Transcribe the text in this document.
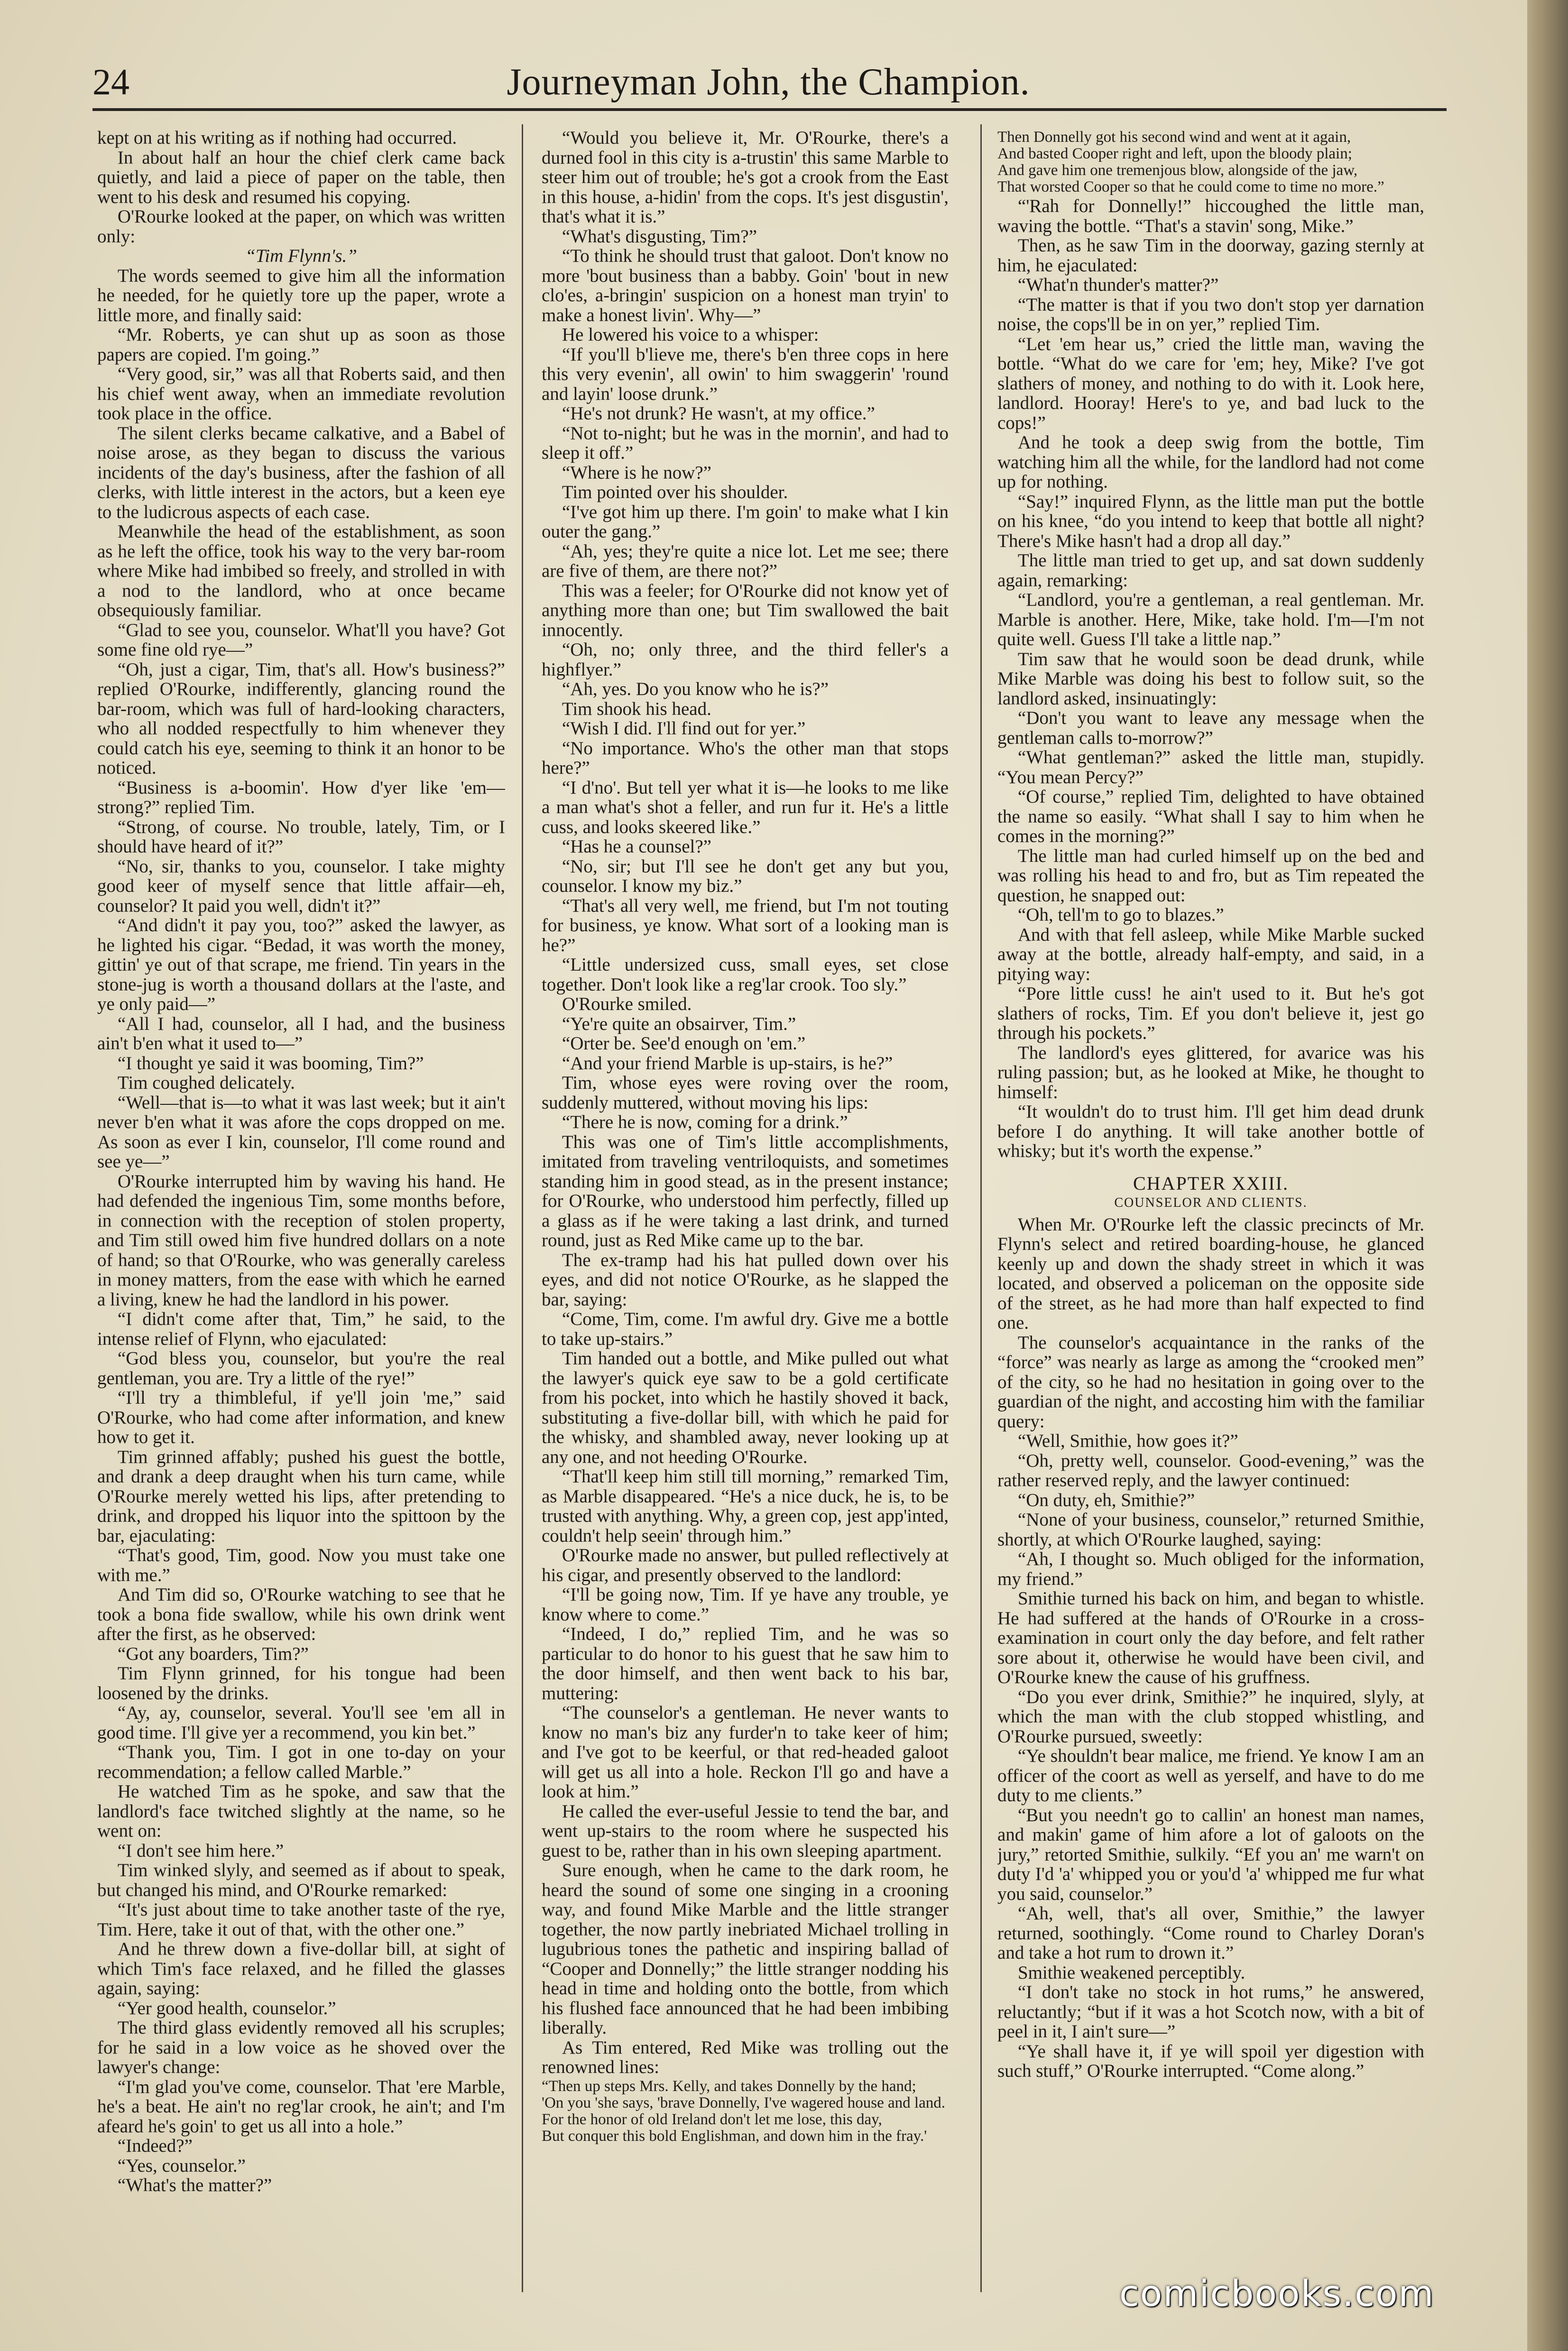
24	Journeyman John, the Champion.

kept on at his writing as if nothing had occurred.

In about half an hour the chief clerk came back quietly, and laid a piece of paper on the table, then went to his desk and resumed his copying.

O'Rourke looked at the paper, on which was written only:

“Tim Flynn's.”

The words seemed to give him all the information he needed, for he quietly tore up the paper, wrote a little more, and finally said:

“Mr. Roberts, ye can shut up as soon as those papers are copied. I'm going.”

“Very good, sir,” was all that Roberts said, and then his chief went away, when an immediate revolution took place in the office.

The silent clerks became calkative, and a Babel of noise arose, as they began to discuss the various incidents of the day's business, after the fashion of all clerks, with little interest in the actors, but a keen eye to the ludicrous aspects of each case.

Meanwhile the head of the establishment, as soon as he left the office, took his way to the very bar-room where Mike had imbibed so freely, and strolled in with a nod to the landlord, who at once became obsequiously familiar.

“Glad to see you, counselor. What'll you have? Got some fine old rye—”

“Oh, just a cigar, Tim, that's all. How's business?” replied O'Rourke, indifferently, glancing round the bar-room, which was full of hard-looking characters, who all nodded respectfully to him whenever they could catch his eye, seeming to think it an honor to be noticed.

“Business is a-boomin'. How d'yer like 'em—strong?” replied Tim.

“Strong, of course. No trouble, lately, Tim, or I should have heard of it?”

“No, sir, thanks to you, counselor. I take mighty good keer of myself sence that little affair—eh, counselor? It paid you well, didn't it?”

“And didn't it pay you, too?” asked the lawyer, as he lighted his cigar. “Bedad, it was worth the money, gittin' ye out of that scrape, me friend. Tin years in the stone-jug is worth a thousand dollars at the l'aste, and ye only paid—”

“All I had, counselor, all I had, and the business ain't b'en what it used to—”

“I thought ye said it was booming, Tim?”

Tim coughed delicately.

“Well—that is—to what it was last week; but it ain't never b'en what it was afore the cops dropped on me. As soon as ever I kin, counselor, I'll come round and see ye—”

O'Rourke interrupted him by waving his hand. He had defended the ingenious Tim, some months before, in connection with the reception of stolen property, and Tim still owed him five hundred dollars on a note of hand; so that O'Rourke, who was generally careless in money matters, from the ease with which he earned a living, knew he had the landlord in his power.

“I didn't come after that, Tim,” he said, to the intense relief of Flynn, who ejaculated:

“God bless you, counselor, but you're the real gentleman, you are. Try a little of the rye!”

“I'll try a thimbleful, if ye'll join 'me,” said O'Rourke, who had come after information, and knew how to get it.

Tim grinned affably; pushed his guest the bottle, and drank a deep draught when his turn came, while O'Rourke merely wetted his lips, after pretending to drink, and dropped his liquor into the spittoon by the bar, ejaculating:

“That's good, Tim, good. Now you must take one with me.”

And Tim did so, O'Rourke watching to see that he took a bona fide swallow, while his own drink went after the first, as he observed:

“Got any boarders, Tim?”

Tim Flynn grinned, for his tongue had been loosened by the drinks.

“Ay, ay, counselor, several. You'll see 'em all in good time. I'll give yer a recommend, you kin bet.”

“Thank you, Tim. I got in one to-day on your recommendation; a fellow called Marble.”

He watched Tim as he spoke, and saw that the landlord's face twitched slightly at the name, so he went on:

“I don't see him here.”

Tim winked slyly, and seemed as if about to speak, but changed his mind, and O'Rourke remarked:

“It's just about time to take another taste of the rye, Tim. Here, take it out of that, with the other one.”

And he threw down a five-dollar bill, at sight of which Tim's face relaxed, and he filled the glasses again, saying:

“Yer good health, counselor.”

The third glass evidently removed all his scruples; for he said in a low voice as he shoved over the lawyer's change:

“I'm glad you've come, counselor. That 'ere Marble, he's a beat. He ain't no reg'lar crook, he ain't; and I'm afeard he's goin' to get us all into a hole.”

“Indeed?”

“Yes, counselor.”

“What's the matter?”

“Would you believe it, Mr. O'Rourke, there's a durned fool in this city is a-trustin' this same Marble to steer him out of trouble; he's got a crook from the East in this house, a-hidin' from the cops. It's jest disgustin', that's what it is.”

“What's disgusting, Tim?”

“To think he should trust that galoot. Don't know no more 'bout business than a babby. Goin' 'bout in new clo'es, a-bringin' suspicion on a honest man tryin' to make a honest livin'. Why—”

He lowered his voice to a whisper:

“If you'll b'lieve me, there's b'en three cops in here this very evenin', all owin' to him swaggerin' 'round and layin' loose drunk.”

“He's not drunk? He wasn't, at my office.”

“Not to-night; but he was in the mornin', and had to sleep it off.”

“Where is he now?”

Tim pointed over his shoulder.

“I've got him up there. I'm goin' to make what I kin outer the gang.”

“Ah, yes; they're quite a nice lot. Let me see; there are five of them, are there not?”

This was a feeler; for O'Rourke did not know yet of anything more than one; but Tim swallowed the bait innocently.

“Oh, no; only three, and the third feller's a highflyer.”

“Ah, yes. Do you know who he is?”

Tim shook his head.

“Wish I did. I'll find out for yer.”

“No importance. Who's the other man that stops here?”

“I d'no'. But tell yer what it is—he looks to me like a man what's shot a feller, and run fur it. He's a little cuss, and looks skeered like.”

“Has he a counsel?”

“No, sir; but I'll see he don't get any but you, counselor. I know my biz.”

“That's all very well, me friend, but I'm not touting for business, ye know. What sort of a looking man is he?”

“Little undersized cuss, small eyes, set close together. Don't look like a reg'lar crook. Too sly.”

O'Rourke smiled.

“Ye're quite an obsairver, Tim.”

“Orter be. See'd enough on 'em.”

“And your friend Marble is up-stairs, is he?”

Tim, whose eyes were roving over the room, suddenly muttered, without moving his lips:

“There he is now, coming for a drink.”

This was one of Tim's little accomplishments, imitated from traveling ventriloquists, and sometimes standing him in good stead, as in the present instance; for O'Rourke, who understood him perfectly, filled up a glass as if he were taking a last drink, and turned round, just as Red Mike came up to the bar.

The ex-tramp had his hat pulled down over his eyes, and did not notice O'Rourke, as he slapped the bar, saying:

“Come, Tim, come. I'm awful dry. Give me a bottle to take up-stairs.”

Tim handed out a bottle, and Mike pulled out what the lawyer's quick eye saw to be a gold certificate from his pocket, into which he hastily shoved it back, substituting a five-dollar bill, with which he paid for the whisky, and shambled away, never looking up at any one, and not heeding O'Rourke.

“That'll keep him still till morning,” remarked Tim, as Marble disappeared. “He's a nice duck, he is, to be trusted with anything. Why, a green cop, jest app'inted, couldn't help seein' through him.”

O'Rourke made no answer, but pulled reflectively at his cigar, and presently observed to the landlord:

“I'll be going now, Tim. If ye have any trouble, ye know where to come.”

“Indeed, I do,” replied Tim, and he was so particular to do honor to his guest that he saw him to the door himself, and then went back to his bar, muttering:

“The counselor's a gentleman. He never wants to know no man's biz any furder'n to take keer of him; and I've got to be keerful, or that red-headed galoot will get us all into a hole. Reckon I'll go and have a look at him.”

He called the ever-useful Jessie to tend the bar, and went up-stairs to the room where he suspected his guest to be, rather than in his own sleeping apartment.

Sure enough, when he came to the dark room, he heard the sound of some one singing in a crooning way, and found Mike Marble and the little stranger together, the now partly inebriated Michael trolling in lugubrious tones the pathetic and inspiring ballad of “Cooper and Donnelly;” the little stranger nodding his head in time and holding onto the bottle, from which his flushed face announced that he had been imbibing liberally.

As Tim entered, Red Mike was trolling out the renowned lines:

“Then up steps Mrs. Kelly, and takes Donnelly by the hand;
'On you 'she says, 'brave Donnelly, I've wagered house and land.
For the honor of old Ireland don't let me lose, this day,
But conquer this bold Englishman, and down him in the fray.'
Then Donnelly got his second wind and went at it again,
And basted Cooper right and left, upon the bloody plain;
And gave him one tremenjous blow, alongside of the jaw,
That worsted Cooper so that he could come to time no more.”

“'Rah for Donnelly!” hiccoughed the little man, waving the bottle. “That's a stavin' song, Mike.”

Then, as he saw Tim in the doorway, gazing sternly at him, he ejaculated:

“What'n thunder's matter?”

“The matter is that if you two don't stop yer darnation noise, the cops'll be in on yer,” replied Tim.

“Let 'em hear us,” cried the little man, waving the bottle. “What do we care for 'em; hey, Mike? I've got slathers of money, and nothing to do with it. Look here, landlord. Hooray! Here's to ye, and bad luck to the cops!”

And he took a deep swig from the bottle, Tim watching him all the while, for the landlord had not come up for nothing.

“Say!” inquired Flynn, as the little man put the bottle on his knee, “do you intend to keep that bottle all night? There's Mike hasn't had a drop all day.”

The little man tried to get up, and sat down suddenly again, remarking:

“Landlord, you're a gentleman, a real gentleman. Mr. Marble is another. Here, Mike, take hold. I'm—I'm not quite well. Guess I'll take a little nap.”

Tim saw that he would soon be dead drunk, while Mike Marble was doing his best to follow suit, so the landlord asked, insinuatingly:

“Don't you want to leave any message when the gentleman calls to-morrow?”

“What gentleman?” asked the little man, stupidly. “You mean Percy?”

“Of course,” replied Tim, delighted to have obtained the name so easily. “What shall I say to him when he comes in the morning?”

The little man had curled himself up on the bed and was rolling his head to and fro, but as Tim repeated the question, he snapped out:

“Oh, tell'm to go to blazes.”

And with that fell asleep, while Mike Marble sucked away at the bottle, already half-empty, and said, in a pitying way:

“Pore little cuss! he ain't used to it. But he's got slathers of rocks, Tim. Ef you don't believe it, jest go through his pockets.”

The landlord's eyes glittered, for avarice was his ruling passion; but, as he looked at Mike, he thought to himself:

“It wouldn't do to trust him. I'll get him dead drunk before I do anything. It will take another bottle of whisky; but it's worth the expense.”

CHAPTER XXIII.
COUNSELOR AND CLIENTS.

When Mr. O'Rourke left the classic precincts of Mr. Flynn's select and retired boarding-house, he glanced keenly up and down the shady street in which it was located, and observed a policeman on the opposite side of the street, as he had more than half expected to find one.

The counselor's acquaintance in the ranks of the “force” was nearly as large as among the “crooked men” of the city, so he had no hesitation in going over to the guardian of the night, and accosting him with the familiar query:

“Well, Smithie, how goes it?”

“Oh, pretty well, counselor. Good-evening,” was the rather reserved reply, and the lawyer continued:

“On duty, eh, Smithie?”

“None of your business, counselor,” returned Smithie, shortly, at which O'Rourke laughed, saying:

“Ah, I thought so. Much obliged for the information, my friend.”

Smithie turned his back on him, and began to whistle. He had suffered at the hands of O'Rourke in a cross-examination in court only the day before, and felt rather sore about it, otherwise he would have been civil, and O'Rourke knew the cause of his gruffness.

“Do you ever drink, Smithie?” he inquired, slyly, at which the man with the club stopped whistling, and O'Rourke pursued, sweetly:

“Ye shouldn't bear malice, me friend. Ye know I am an officer of the coort as well as yerself, and have to do me duty to me clients.”

“But you needn't go to callin' an honest man names, and makin' game of him afore a lot of galoots on the jury,” retorted Smithie, sulkily. “Ef you an' me warn't on duty I'd 'a' whipped you or you'd 'a' whipped me fur what you said, counselor.”

“Ah, well, that's all over, Smithie,” the lawyer returned, soothingly. “Come round to Charley Doran's and take a hot rum to drown it.”

Smithie weakened perceptibly.

“I don't take no stock in hot rums,” he answered, reluctantly; “but if it was a hot Scotch now, with a bit of peel in it, I ain't sure—”

“Ye shall have it, if ye will spoil yer digestion with such stuff,” O'Rourke interrupted. “Come along.”

comicbooks.com
